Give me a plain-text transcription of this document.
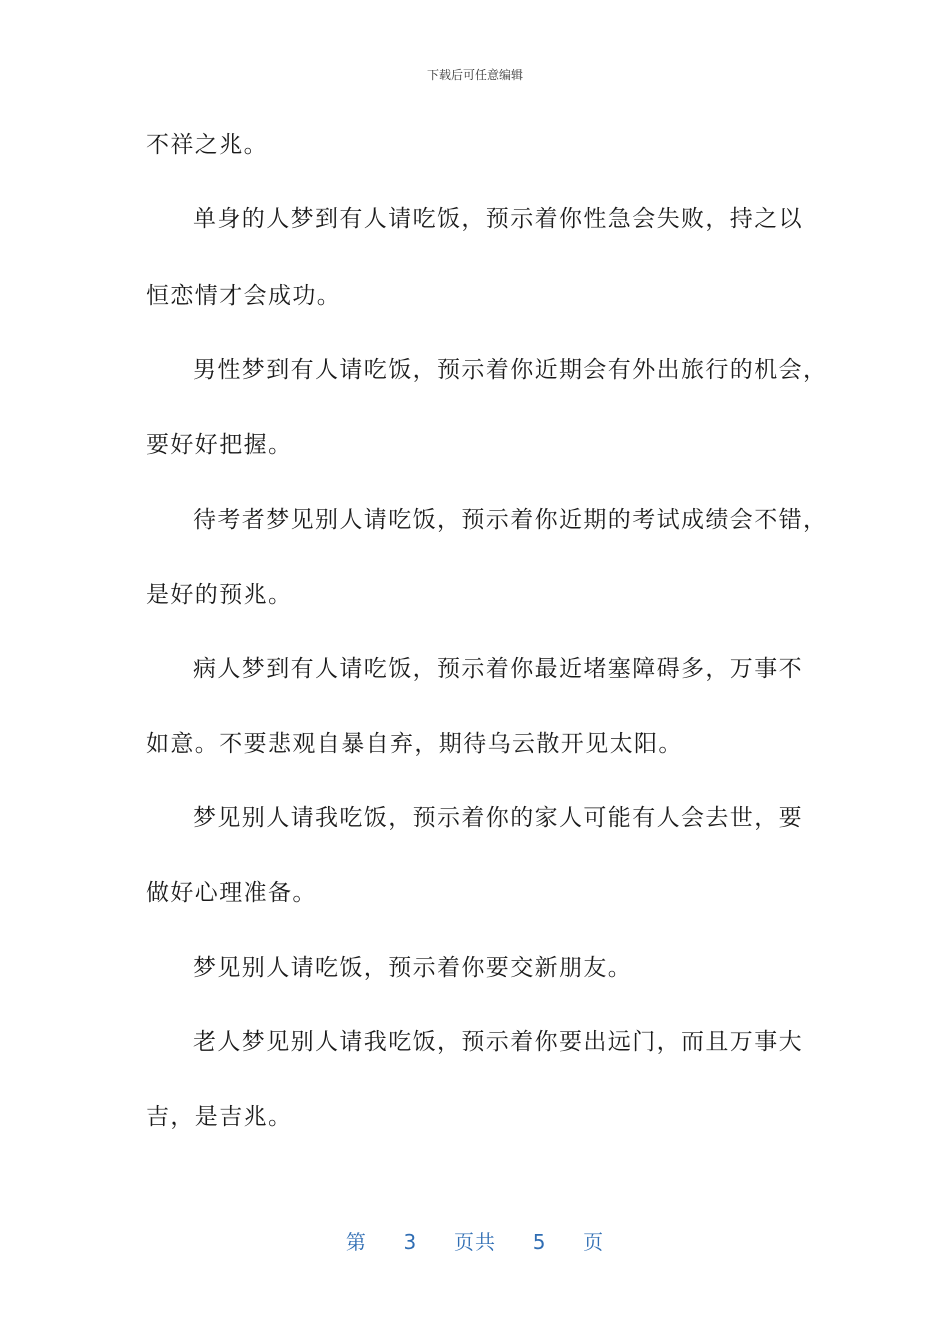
下载后可任意编辑
不祥之兆。
单身的人梦到有人请吃饭，预示着你性急会失败，持之以
恒恋情才会成功。
男性梦到有人请吃饭，预示着你近期会有外出旅行的机会，
要好好把握。
待考者梦见别人请吃饭，预示着你近期的考试成绩会不错，
是好的预兆。
病人梦到有人请吃饭，预示着你最近堵塞障碍多，万事不
如意。不要悲观自暴自弃，期待乌云散开见太阳。
梦见别人请我吃饭，预示着你的家人可能有人会去世，要
做好心理准备。
梦见别人请吃饭，预示着你要交新朋友。
老人梦见别人请我吃饭，预示着你要出远门，而且万事大
吉，是吉兆。
第 3 页共 5 页
